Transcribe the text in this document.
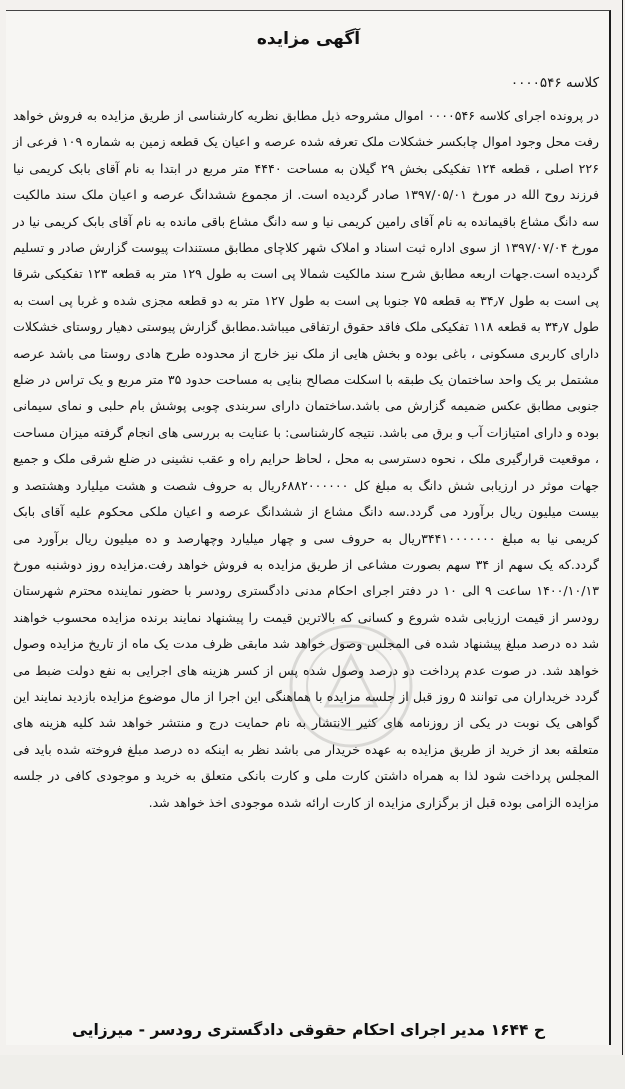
آگهی مزایده
کلاسه ۰۰۰۰۵۴۶

در پرونده اجرای کلاسه ۰۰۰۰۵۴۶ اموال مشروحه ذیل مطابق نظریه کارشناسی از طریق مزایده به فروش خواهد رفت محل وجود اموال چابکسر خشکلات ملک تعرفه شده عرصه و اعیان یک قطعه زمین به شماره ۱۰۹ فرعی از ۲۲۶ اصلی ، قطعه ۱۲۴ تفکیکی بخش ۲۹ گیلان به مساحت ۴۴۴۰ متر مربع در ابتدا به نام آقای بابک کریمی نیا فرزند روح الله در مورخ ۱۳۹۷/۰۵/۰۱ صادر گردیده است. از مجموع ششدانگ عرصه و اعیان ملک سند مالکیت سه دانگ مشاع باقیمانده به نام آقای رامین کریمی نیا و سه دانگ مشاع باقی مانده به نام آقای بابک کریمی نیا در مورخ ۱۳۹۷/۰۷/۰۴ از سوی اداره ثبت اسناد و املاک شهر کلاچای مطابق مستندات پیوست گزارش صادر و تسلیم گردیده است.جهات اربعه مطابق شرح سند مالکیت شمالا پی است به طول ۱۲۹ متر به قطعه ۱۲۳ تفکیکی شرقا پی است به طول ۳۴٫۷ به قطعه ۷۵ جنوبا پی است به طول ۱۲۷ متر به دو قطعه مجزی شده و غربا پی است به طول ۳۴٫۷ به قطعه ۱۱۸ تفکیکی ملک فاقد حقوق ارتفاقی میباشد.مطابق گزارش پیوستی دهیار روستای خشکلات دارای کاربری مسکونی ، باغی بوده و بخش هایی از ملک نیز خارج از محدوده طرح هادی روستا می باشد عرصه مشتمل بر یک واحد ساختمان یک طبقه با اسکلت مصالح بنایی به مساحت حدود ۳۵ متر مربع و یک تراس در ضلع جنوبی مطابق عکس ضمیمه گزارش می باشد.ساختمان دارای سربندی چوبی پوشش بام حلبی و نمای سیمانی بوده و دارای امتیازات آب و برق می باشد. نتیجه کارشناسی: با عنایت به بررسی های انجام گرفته میزان مساحت ، موقعیت قرارگیری ملک ، نحوه دسترسی به محل ، لحاظ حرایم راه و عقب نشینی در ضلع شرقی ملک و جمیع جهات موثر در ارزیابی شش دانگ به مبلغ کل ۶۸۸۲۰۰۰۰۰۰ریال به حروف شصت و هشت میلیارد وهشتصد و بیست میلیون ریال برآورد می گردد.سه دانگ مشاع از ششدانگ عرصه و اعیان ملکی محکوم علیه آقای بابک کریمی نیا به مبلغ ۳۴۴۱۰۰۰۰۰۰۰ریال به حروف سی و چهار میلیارد وچهارصد و ده میلیون ریال برآورد می گردد.که یک سهم از ۳۴ سهم بصورت مشاعی از طریق مزایده به فروش خواهد رفت.مزایده روز دوشنبه مورخ ۱۴۰۰/۱۰/۱۳ ساعت ۹ الی ۱۰ در دفتر اجرای احکام مدنی دادگستری رودسر با حضور نماینده محترم شهرستان رودسر از قیمت ارزیابی شده شروع و کسانی که بالاترین قیمت را پیشنهاد نمایند برنده مزایده محسوب خواهند شد ده درصد مبلغ پیشنهاد شده فی المجلس وصول خواهد شد مابقی ظرف مدت یک ماه از تاریخ مزایده وصول خواهد شد. در صوت عدم پرداخت دو درصد وصول شده پس از کسر هزینه های اجرایی به نفع دولت ضبط می گردد خریداران می توانند ۵ روز قبل از جلسه مزایده با هماهنگی این اجرا از مال موضوع مزایده بازدید نمایند این گواهی یک نوبت در یکی از روزنامه های کثیر الانتشار به نام حمایت درج و منتشر خواهد شد کلیه هزینه های متعلقه بعد از خرید از طریق مزایده به عهده خریدار می باشد نظر به اینکه ده درصد مبلغ فروخته شده باید فی المجلس پرداخت شود لذا به همراه داشتن کارت ملی و کارت بانکی متعلق به خرید و موجودی کافی در جلسه مزایده الزامی بوده قبل از برگزاری مزایده از کارت ارائه شده موجودی اخذ خواهد شد.

ح ۱۶۴۴ مدیر اجرای احکام حقوقی دادگستری رودسر - میرزایی
